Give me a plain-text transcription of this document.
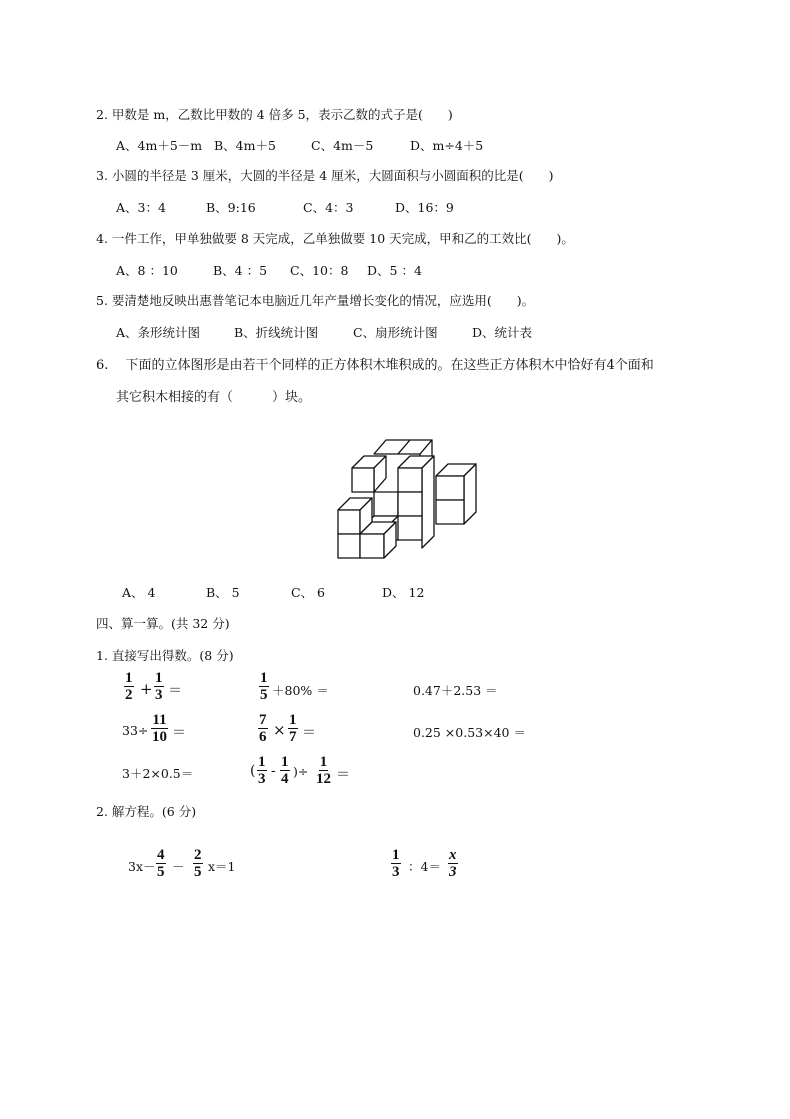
2. 甲数是 m，乙数比甲数的 4 倍多 5，表示乙数的式子是(　　)
A、4m＋5－m B、4m＋5	C、4m－5	D、m÷4＋5
3. 小圆的半径是 3 厘米，大圆的半径是 4 厘米，大圆面积与小圆面积的比是(　　)
A、3：4	B、9:16	C、4：3	D、16：9
4. 一件工作，甲单独做要 8 天完成，乙单独做要 10 天完成，甲和乙的工效比(　　)。
A、8 ：10	B、4 ：5 C、10：8 D、5 ：4
5. 要清楚地反映出惠普笔记本电脑近几年产量增长变化的情况，应选用(　　)。
A、条形统计图	B、折线统计图	C、扇形统计图	D、统计表
6.　 下面的立体图形是由若干个同样的正方体积木堆积成的。在这些正方体积木中恰好有4个面和
其它积木相接的有（　　　）块。
A、 4	B、 5	C、 6	D、 12
四、算一算。(共 32 分)
1. 直接写出得数。(8 分)
$\frac{1}{2} + \frac{1}{3}$ ＝	$\frac{1}{5} +80\%$ ＝	0.47＋2.53 ＝
$33\div \frac{11}{10}$ ＝	$\frac{7}{6} \times \frac{1}{7}$ ＝	0.25 ×0.53×40 ＝
3＋2×0.5＝	( $\frac{1}{3} - \frac{1}{4}$ )÷ $\frac{1}{12}$ ＝
2. 解方程。(6 分)
$3x- \frac{4}{5} - \frac{2}{5} x=1$	$\frac{1}{3}$ ：$4= \frac{x}{3}$
